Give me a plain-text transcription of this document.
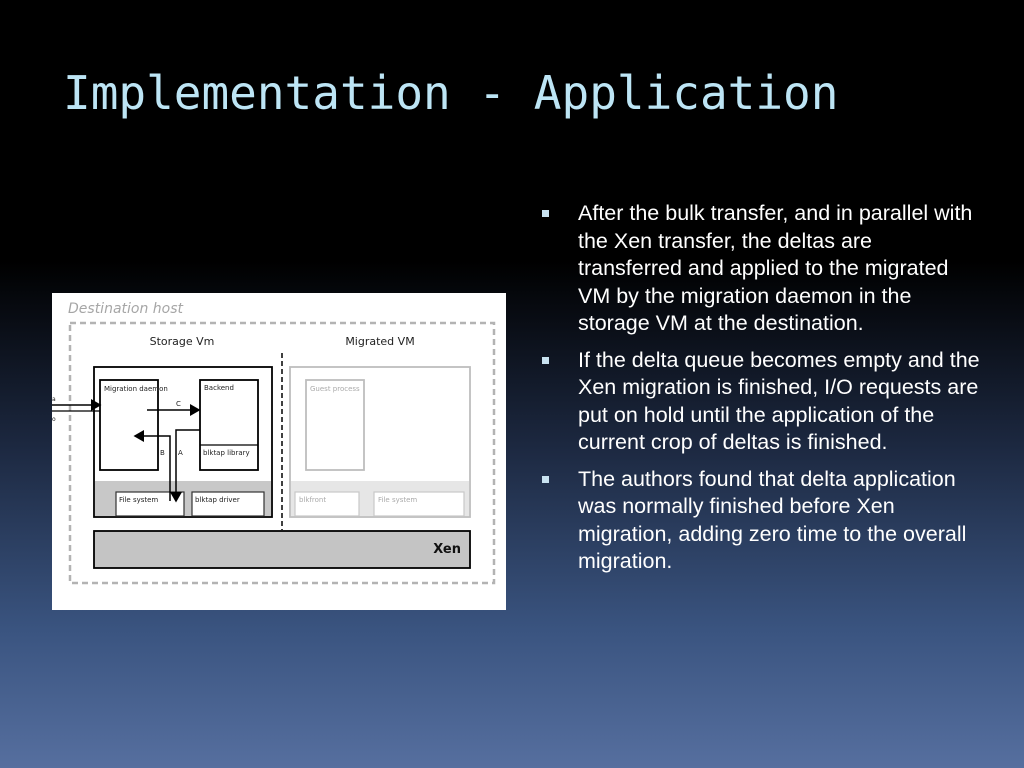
Implementation - Application
Destination host
Xen
Storage Vm
Migration daemon	Backend
blktap library
File system	blktap driver
C
A
B
a
o
Migrated VM
Guest process
blkfront	File system
After the bulk transfer, and in parallel with the Xen transfer, the deltas are transferred and applied to the migrated VM by the migration daemon in the storage VM at the destination.
If the delta queue becomes empty and the Xen migration is finished, I/O requests are put on hold until the application of the current crop of deltas is finished.
The authors found that delta application was normally finished before Xen migration, adding zero time to the overall migration.
